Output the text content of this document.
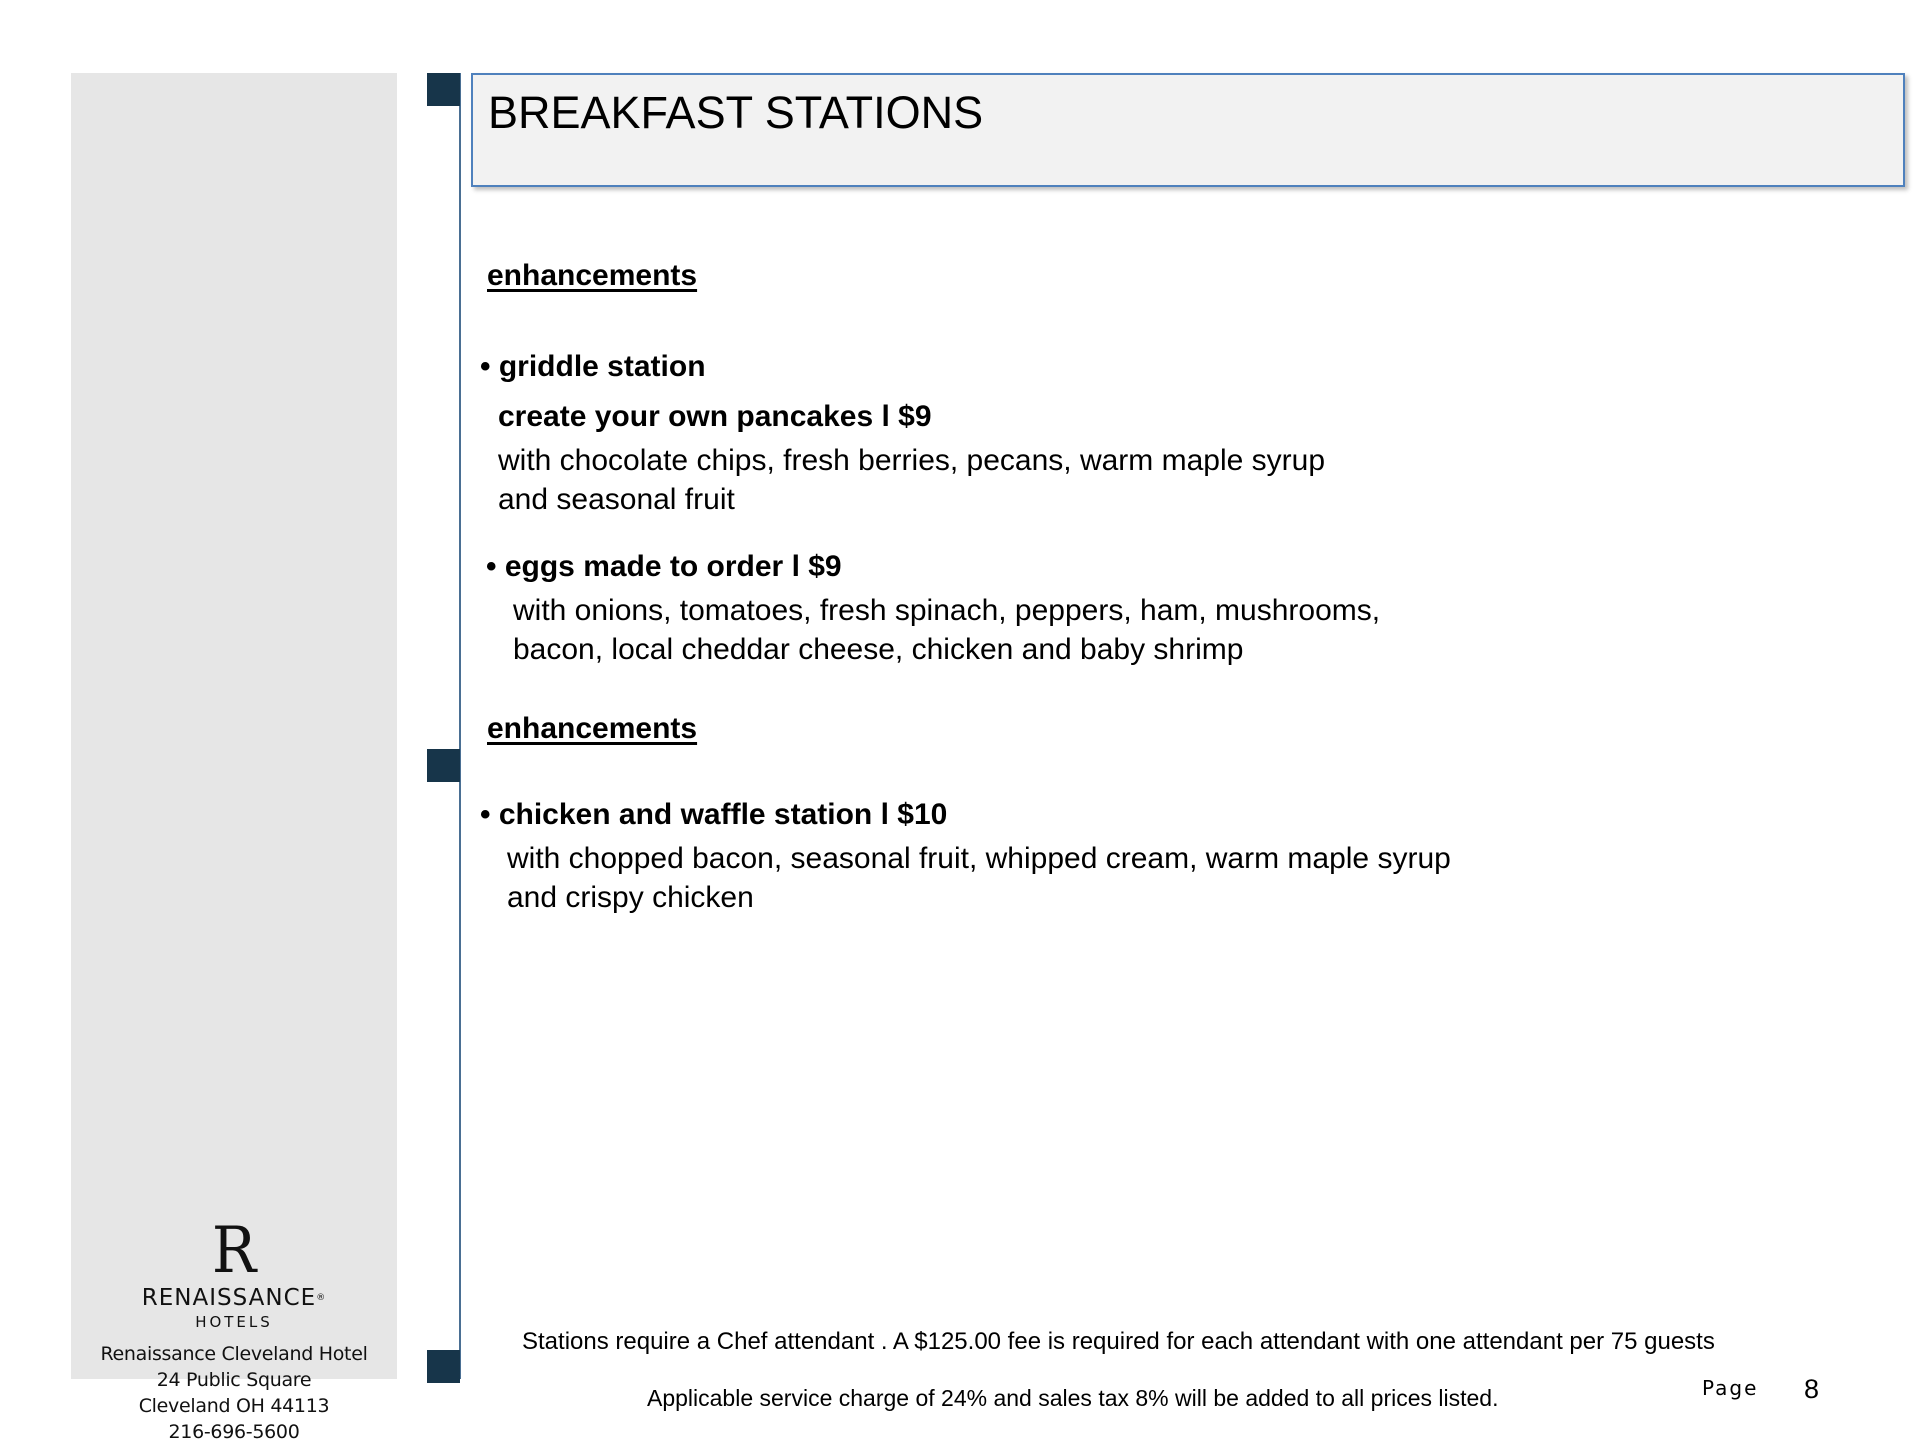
R
RENAISSANCE®
HOTELS
Renaissance Cleveland Hotel
24 Public Square
Cleveland OH 44113
216-696-5600
BREAKFAST STATIONS
enhancements
• griddle station
create your own pancakes l $9
with chocolate chips, fresh berries, pecans, warm maple syrup
and seasonal fruit
• eggs made to order l $9
with onions, tomatoes, fresh spinach, peppers, ham, mushrooms,
bacon, local cheddar cheese, chicken and baby shrimp
enhancements
• chicken and waffle station l $10
with chopped bacon, seasonal fruit, whipped cream, warm maple syrup
and crispy chicken
Stations require a Chef attendant . A $125.00 fee is required for each attendant with one attendant per 75 guests
Applicable service charge of 24% and sales tax 8% will be added to all prices listed.	Page 8
